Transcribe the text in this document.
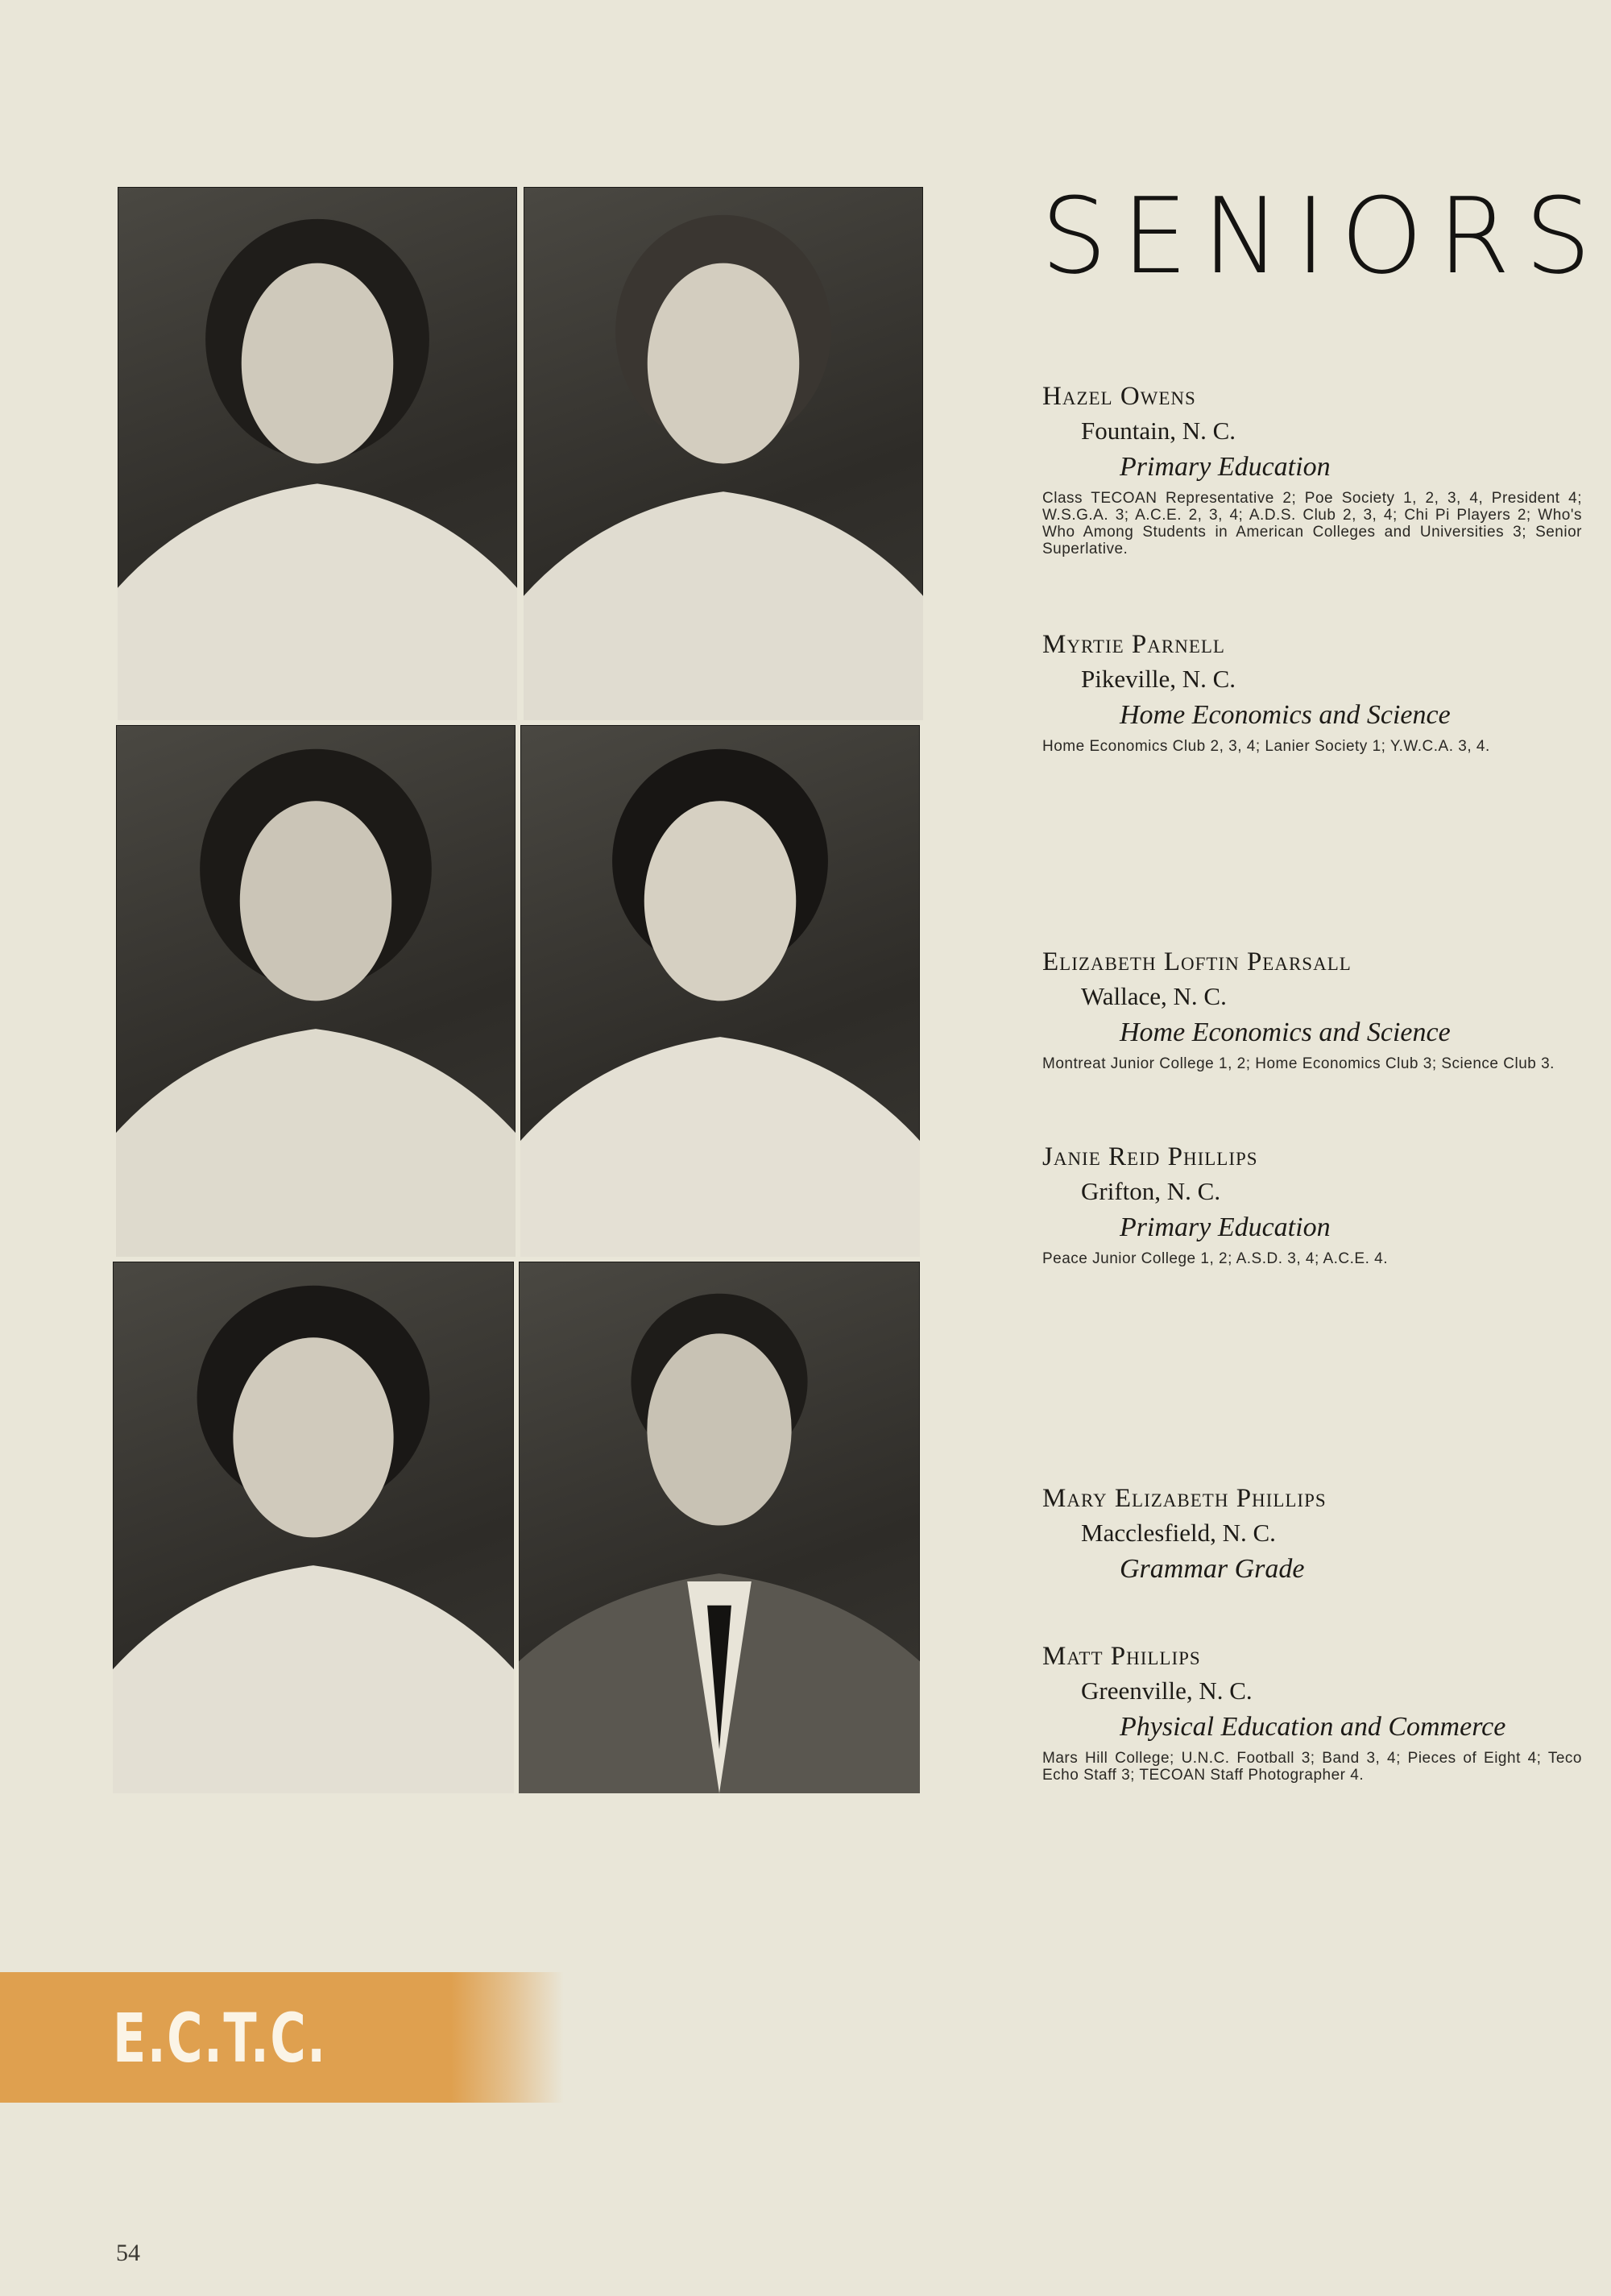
SENIORS

Hazel Owens

Fountain, N. C.
Primary Education
Class TECOAN Representative 2; Poe Society 1, 2, 3, 4, President 4; W.S.G.A. 3; A.C.E. 2, 3, 4; A.D.S. Club 2, 3, 4; Chi Pi Players 2; Who's Who Among Students in American Colleges and Universities 3; Senior Superlative.

Myrtie Parnell

Pikeville, N. C.
Home Economics and Science
Home Economics Club 2, 3, 4; Lanier Society 1; Y.W.C.A. 3, 4.

Elizabeth Loftin Pearsall

Wallace, N. C.
Home Economics and Science
Montreat Junior College 1, 2; Home Economics Club 3; Science Club 3.

Janie Reid Phillips

Grifton, N. C.
Primary Education
Peace Junior College 1, 2; A.S.D. 3, 4; A.C.E. 4.

Mary Elizabeth Phillips

Macclesfield, N. C.
Grammar Grade

Matt Phillips

Greenville, N. C.
Physical Education and Commerce
Mars Hill College; U.N.C. Football 3; Band 3, 4; Pieces of Eight 4; Teco Echo Staff 3; TECOAN Staff Photographer 4.
E.C.T.C.
54
